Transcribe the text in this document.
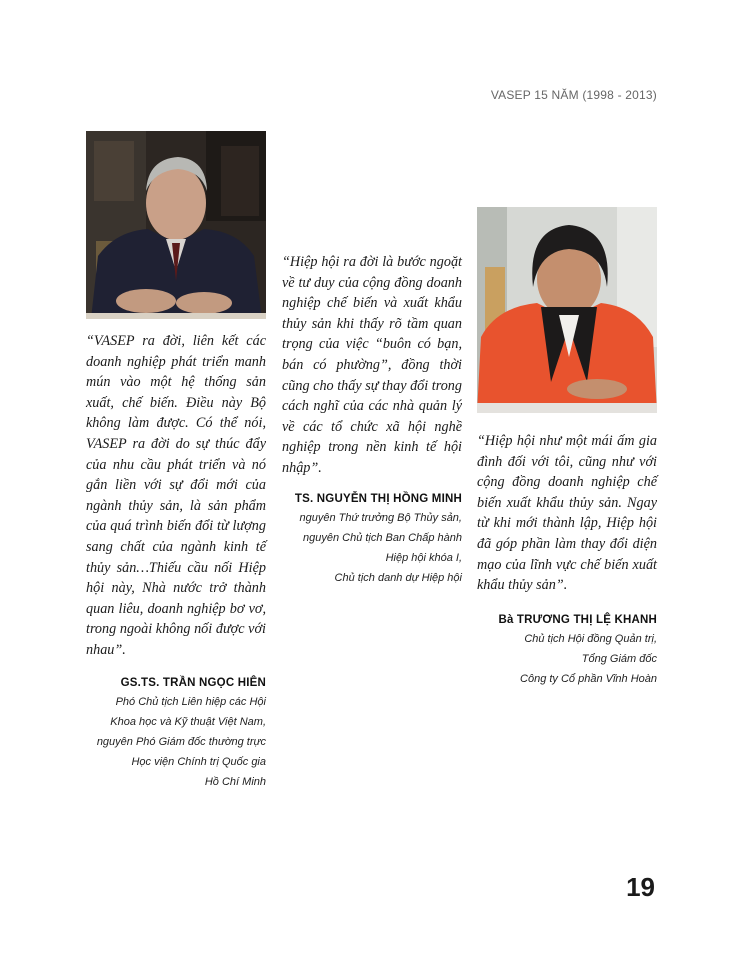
VASEP 15 NĂM (1998 - 2013)

“VASEP ra đời, liên kết các doanh nghiệp phát triển manh mún vào một hệ thống sản xuất, chế biến. Điều này Bộ không làm được. Có thể nói, VASEP ra đời do sự thúc đẩy của nhu cầu phát triển và nó gắn liền với sự đổi mới của ngành thủy sản, là sản phẩm của quá trình biến đổi từ lượng sang chất của ngành kinh tế thủy sản…Thiếu cầu nối Hiệp hội này, Nhà nước trở thành quan liêu, doanh nghiệp bơ vơ, trong ngoài không nối được với nhau”.

GS.TS. TRẦN NGỌC HIÊN
Phó Chủ tịch Liên hiệp các Hội
Khoa học và Kỹ thuật Việt Nam,
nguyên Phó Giám đốc thường trực
Học viện Chính trị Quốc gia
Hồ Chí Minh

“Hiệp hội ra đời là bước ngoặt về tư duy của cộng đồng doanh nghiệp chế biến và xuất khẩu thủy sản khi thấy rõ tầm quan trọng của việc “buôn có bạn, bán có phường”, đồng thời cũng cho thấy sự thay đổi trong cách nghĩ của các nhà quản lý về các tổ chức xã hội nghề nghiệp trong nền kinh tế hội nhập”.

TS. NGUYỄN THỊ HỒNG MINH
nguyên Thứ trưởng Bộ Thủy sản,
nguyên Chủ tịch Ban Chấp hành
Hiệp hội khóa I,
Chủ tịch danh dự Hiệp hội

“Hiệp hội như một mái ấm gia đình đối với tôi, cũng như với cộng đồng doanh nghiệp chế biến xuất khẩu thủy sản. Ngay từ khi mới thành lập, Hiệp hội đã góp phần làm thay đổi diện mạo của lĩnh vực chế biến xuất khẩu thủy sản”.

Bà TRƯƠNG THỊ LỆ KHANH
Chủ tịch Hội đồng Quản trị,
Tổng Giám đốc
Công ty Cổ phần Vĩnh Hoàn
19
